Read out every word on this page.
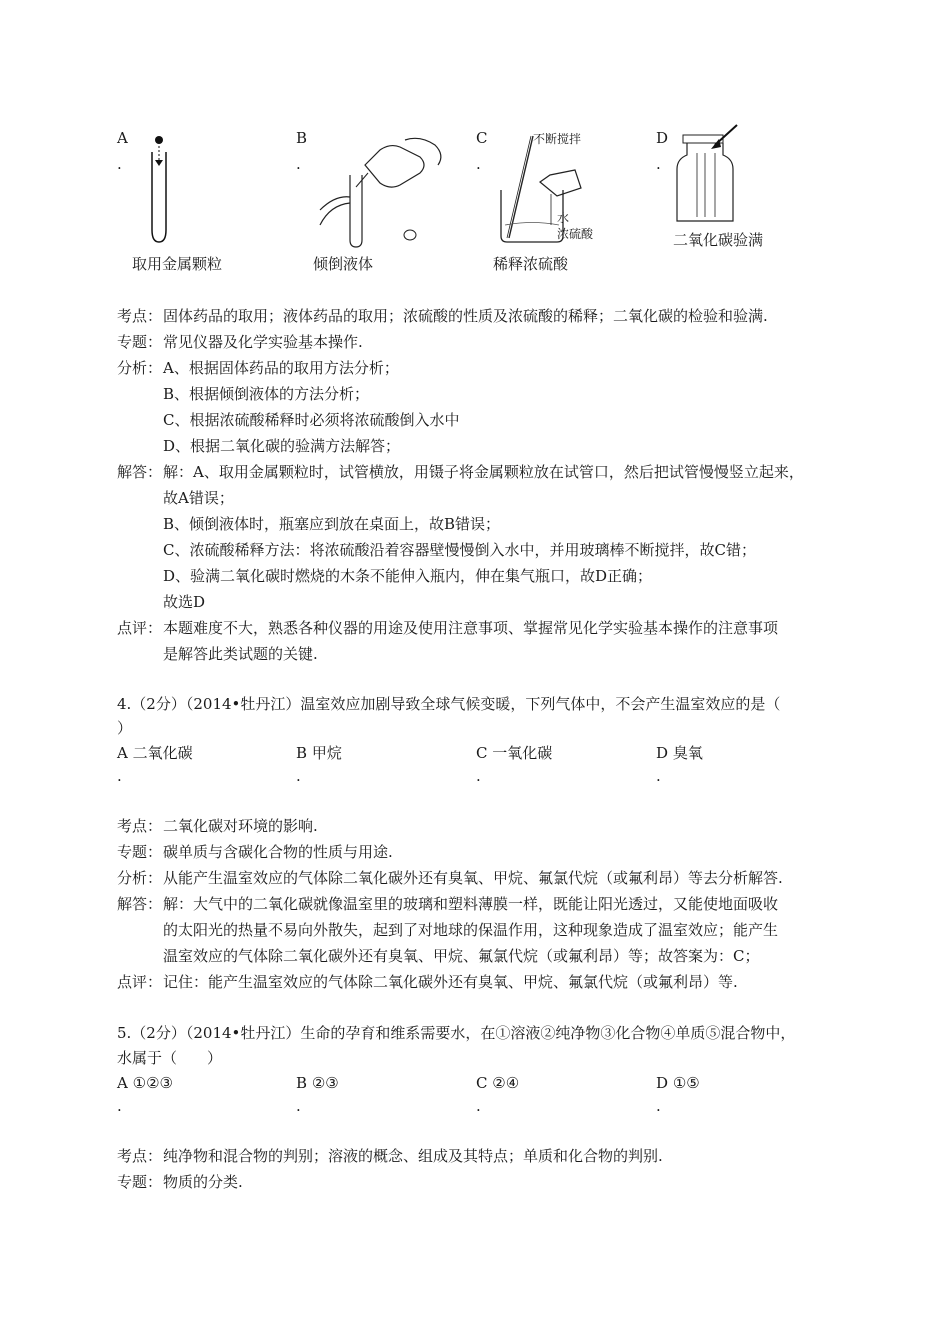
A
.
取用金属颗粒
B
.
倾倒液体
C
.
不断搅拌
水
浓硫酸
稀释浓硫酸
D
.
二氧化碳验满
考点： 固体药品的取用；液体药品的取用；浓硫酸的性质及浓硫酸的稀释；二氧化碳的检验和验满.
专题： 常见仪器及化学实验基本操作.
分析： A、根据固体药品的取用方法分析；
B、根据倾倒液体的方法分析；
C、根据浓硫酸稀释时必须将浓硫酸倒入水中
D、根据二氧化碳的验满方法解答；
解答： 解：A、取用金属颗粒时，试管横放，用镊子将金属颗粒放在试管口，然后把试管慢慢竖立起来，
故A错误；
B、倾倒液体时，瓶塞应到放在桌面上，故B错误；
C、浓硫酸稀释方法：将浓硫酸沿着容器壁慢慢倒入水中，并用玻璃棒不断搅拌，故C错；
D、验满二氧化碳时燃烧的木条不能伸入瓶内，伸在集气瓶口，故D正确；
故选D
点评： 本题难度不大，熟悉各种仪器的用途及使用注意事项、掌握常见化学实验基本操作的注意事项
是解答此类试题的关键.
4.（2分）（2014•牡丹江）温室效应加剧导致全球气候变暖，下列气体中，不会产生温室效应的是（
）
A 二氧化碳
.
B 甲烷
.
C 一氧化碳
.
D 臭氧
.
考点： 二氧化碳对环境的影响.
专题： 碳单质与含碳化合物的性质与用途.
分析： 从能产生温室效应的气体除二氧化碳外还有臭氧、甲烷、氟氯代烷（或氟利昂）等去分析解答.
解答： 解：大气中的二氧化碳就像温室里的玻璃和塑料薄膜一样，既能让阳光透过，又能使地面吸收
的太阳光的热量不易向外散失，起到了对地球的保温作用，这种现象造成了温室效应；能产生
温室效应的气体除二氧化碳外还有臭氧、甲烷、氟氯代烷（或氟利昂）等；故答案为：C；
点评： 记住：能产生温室效应的气体除二氧化碳外还有臭氧、甲烷、氟氯代烷（或氟利昂）等.
5.（2分）（2014•牡丹江）生命的孕育和维系需要水，在①溶液②纯净物③化合物④单质⑤混合物中，
水属于（　　）
A ①②③
.
B ②③
.
C ②④
.
D ①⑤
.
考点： 纯净物和混合物的判别；溶液的概念、组成及其特点；单质和化合物的判别.
专题： 物质的分类.
